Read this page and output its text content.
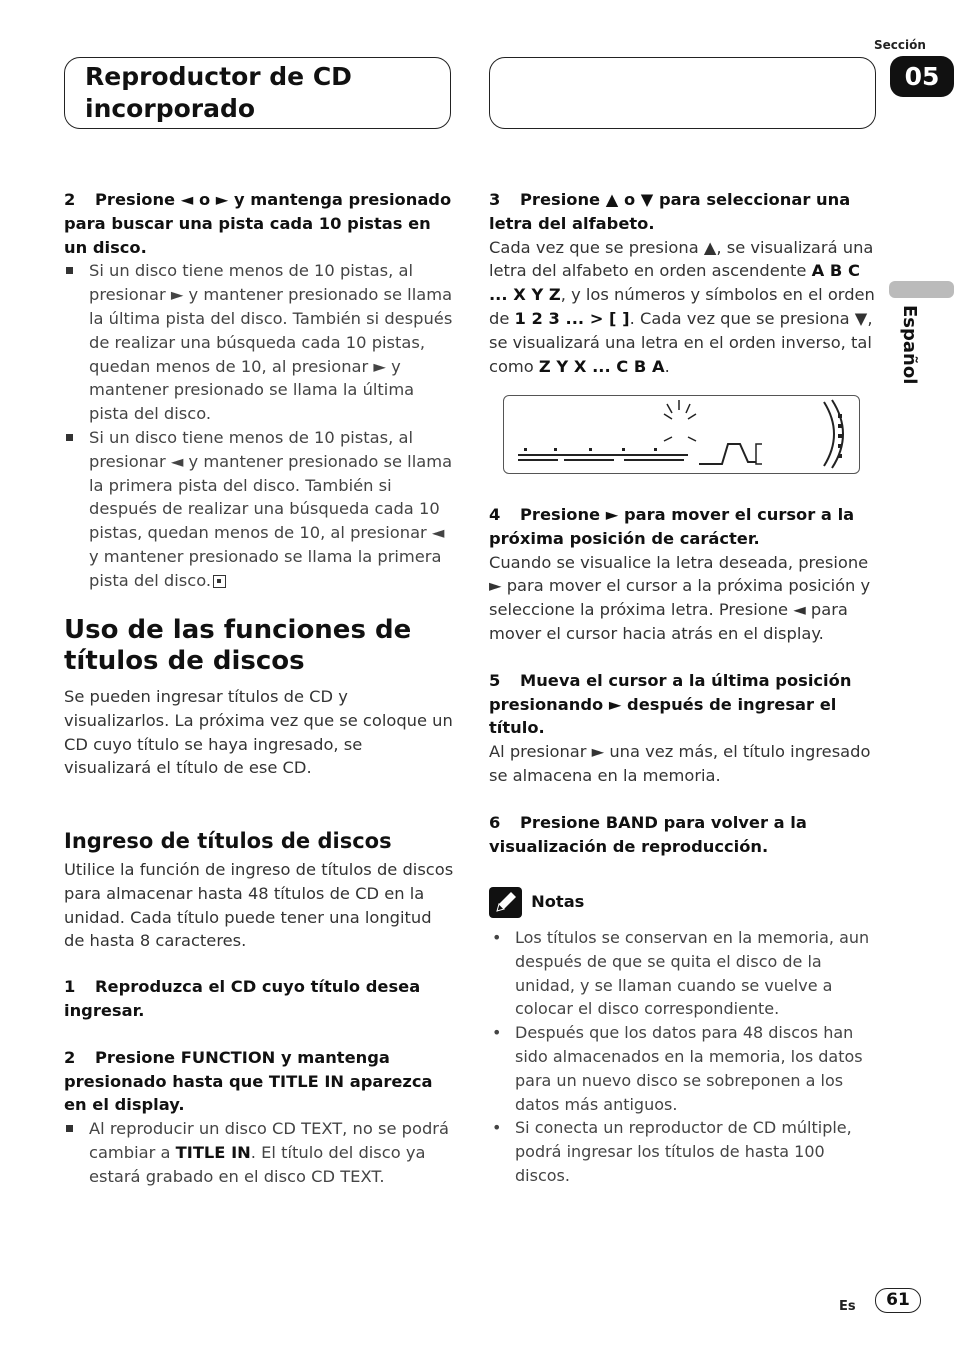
Reproductor de CD
incorporado
Sección
05
Español

2 Presione ◄ o ► y mantenga presionado para buscar una pista cada 10 pistas en un disco.

Si un disco tiene menos de 10 pistas, al presionar ► y mantener presionado se llama la última pista del disco. También si después de realizar una búsqueda cada 10 pistas, quedan menos de 10, al presionar ► y mantener presionado se llama la última pista del disco.
Si un disco tiene menos de 10 pistas, al presionar ◄ y mantener presionado se llama la primera pista del disco. También si después de realizar una búsqueda cada 10 pistas, quedan menos de 10, al presionar ◄ y mantener presionado se llama la primera pista del disco.
Uso de las funciones de títulos de discos

Se pueden ingresar títulos de CD y visualizarlos. La próxima vez que se coloque un CD cuyo título se haya ingresado, se visualizará el título de ese CD.

Ingreso de títulos de discos

Utilice la función de ingreso de títulos de discos para almacenar hasta 48 títulos de CD en la unidad. Cada título puede tener una longitud de hasta 8 caracteres.

1 Reproduzca el CD cuyo título desea ingresar.

2 Presione FUNCTION y mantenga presionado hasta que TITLE IN aparezca en el display.

Al reproducir un disco CD TEXT, no se podrá cambiar a TITLE IN. El título del disco ya estará grabado en el disco CD TEXT.

3 Presione ▲ o ▼ para seleccionar una letra del alfabeto.

Cada vez que se presiona ▲, se visualizará una letra del alfabeto en orden ascendente A B C ... X Y Z, y los números y símbolos en el orden de 1 2 3 ... > [ ]. Cada vez que se presiona ▼, se visualizará una letra en el orden inverso, tal como Z Y X ... C B A.

4 Presione ► para mover el cursor a la próxima posición de carácter.

Cuando se visualice la letra deseada, presione ► para mover el cursor a la próxima posición y seleccione la próxima letra. Presione ◄ para mover el cursor hacia atrás en el display.

5 Mueva el cursor a la última posición presionando ► después de ingresar el título.

Al presionar ► una vez más, el título ingresado se almacena en la memoria.

6 Presione BAND para volver a la visualización de reproducción.

Notas
• Los títulos se conservan en la memoria, aun después de que se quita el disco de la unidad, y se llaman cuando se vuelve a colocar el disco correspondiente.
• Después que los datos para 48 discos han sido almacenados en la memoria, los datos para un nuevo disco se sobreponen a los datos más antiguos.
• Si conecta un reproductor de CD múltiple, podrá ingresar los títulos de hasta 100 discos.
Es	61
